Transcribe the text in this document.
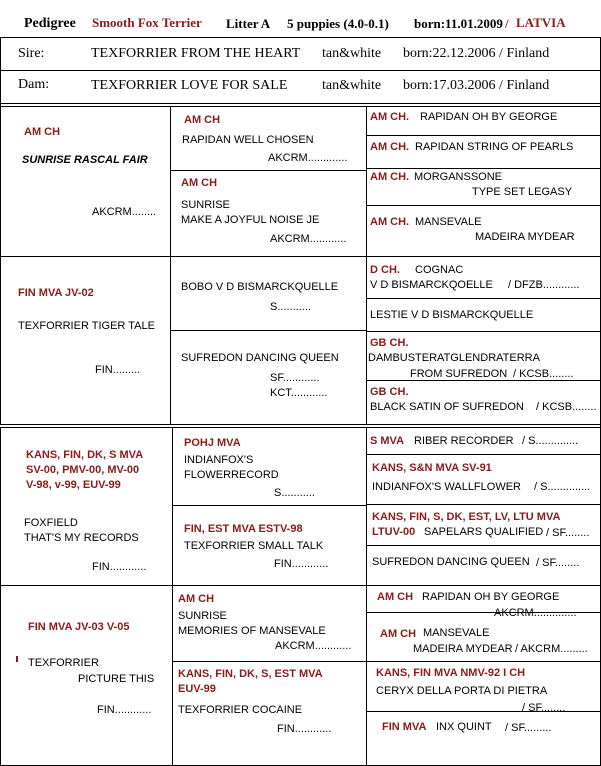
Pedigree Smooth Fox Terrier Litter A 5 puppies (4.0-0.1) born:11.01.2009 / LATVIA
Sire:	TEXFORRIER FROM THE HEART tan&white born:22.12.2006 / Finland
Dam:	TEXFORRIER LOVE FOR SALE tan&white born:17.03.2006 / Finland
AM CH
SUNRISE RASCAL FAIR
AKCRM........
AM CH
RAPIDAN WELL CHOSEN
AKCRM.............
AM CH
SUNRISE
MAKE A JOYFUL NOISE JE
AKCRM............
AM CH. RAPIDAN OH BY GEORGE
AM CH. RAPIDAN STRING OF PEARLS
AM CH. MORGANSSONE
TYPE SET LEGASY
AM CH. MANSEVALE
MADEIRA MYDEAR
FIN MVA JV-02
TEXFORRIER TIGER TALE
FIN.........
BOBO V D BISMARCKQUELLE
S...........
SUFREDON DANCING QUEEN
SF............
KCT............
D CH. COGNAC
V D BISMARCKQOELLE / DFZB............
LESTIE V D BISMARCKQUELLE
GB CH.
DAMBUSTERATGLENDRATERRA
FROM SUFREDON / KCSB........
GB CH.
BLACK SATIN OF SUFREDON / KCSB........
KANS, FIN, DK, S MVA
SV-00, PMV-00, MV-00
V-98, v-99, EUV-99
FOXFIELD
THAT'S MY RECORDS
FIN............
POHJ MVA
INDIANFOX'S
FLOWERRECORD
S...........
FIN, EST MVA ESTV-98
TEXFORRIER SMALL TALK
FIN............
S MVA RIBER RECORDER / S..............
KANS, S&N MVA SV-91
INDIANFOX'S WALLFLOWER / S..............
KANS, FIN, S, DK, EST, LV, LTU MVA
LTUV-00 SAPELARS QUALIFIED / SF........
SUFREDON DANCING QUEEN / SF........
FIN MVA JV-03 V-05
TEXFORRIER
PICTURE THIS
FIN............
AM CH
SUNRISE
MEMORIES OF MANSEVALE
AKCRM............
KANS, FIN, DK, S, EST MVA
EUV-99
TEXFORRIER COCAINE
FIN............
AM CH RAPIDAN OH BY GEORGE
AKCRM..............
AM CH MANSEVALE
MADEIRA MYDEAR / AKCRM.........
KANS, FIN MVA NMV-92 I CH
CERYX DELLA PORTA DI PIETRA
/ SF........
FIN MVA INX QUINT / SF.........
